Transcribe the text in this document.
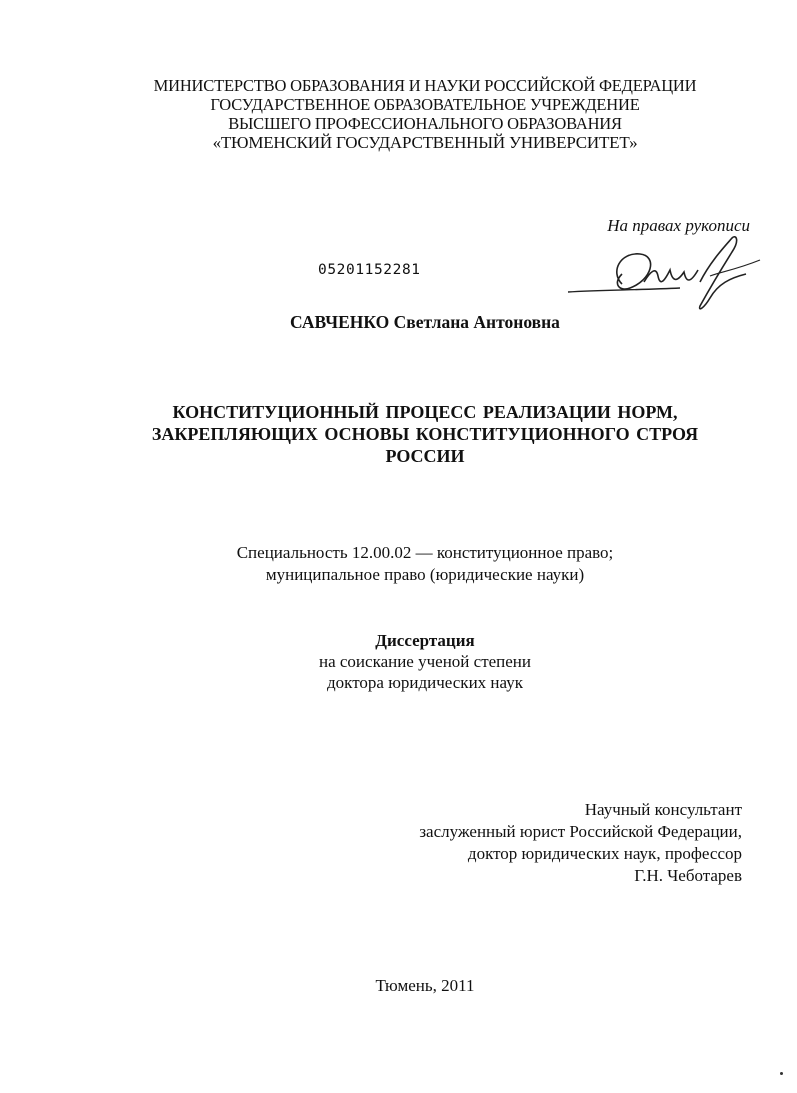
МИНИСТЕРСТВО ОБРАЗОВАНИЯ И НАУКИ РОССИЙСКОЙ ФЕДЕРАЦИИ
ГОСУДАРСТВЕННОЕ ОБРАЗОВАТЕЛЬНОЕ УЧРЕЖДЕНИЕ
ВЫСШЕГО ПРОФЕССИОНАЛЬНОГО ОБРАЗОВАНИЯ
«ТЮМЕНСКИЙ ГОСУДАРСТВЕННЫЙ УНИВЕРСИТЕТ»
На правах рукописи
05201152281
САВЧЕНКО Светлана Антоновна
КОНСТИТУЦИОННЫЙ ПРОЦЕСС РЕАЛИЗАЦИИ НОРМ,
ЗАКРЕПЛЯЮЩИХ ОСНОВЫ КОНСТИТУЦИОННОГО СТРОЯ
РОССИИ
Специальность 12.00.02 — конституционное право;
муниципальное право (юридические науки)
Диссертация
на соискание ученой степени
доктора юридических наук
Научный консультант
заслуженный юрист Российской Федерации,
доктор юридических наук, профессор
Г.Н. Чеботарев
Тюмень, 2011
